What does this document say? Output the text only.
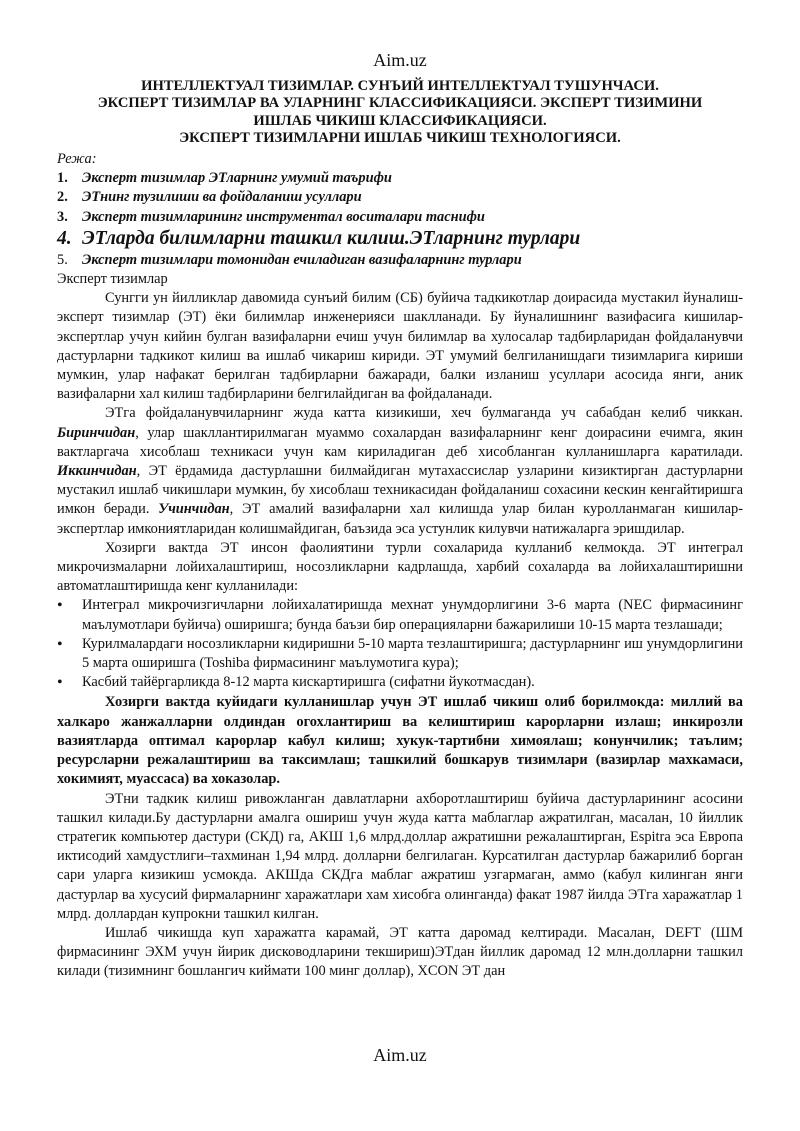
Aim.uz
ИНТЕЛЛЕКТУАЛ ТИЗИМЛАР. СУНЪИЙ ИНТЕЛЛЕКТУАЛ ТУШУНЧАСИ.
ЭКСПЕРТ ТИЗИМЛАР ВА УЛАРНИНГ КЛАССИФИКАЦИЯСИ. ЭКСПЕРТ ТИЗИМИНИ
ИШЛАБ ЧИКИШ КЛАССИФИКАЦИЯСИ.
ЭКСПЕРТ ТИЗИМЛАРНИ ИШЛАБ ЧИКИШ ТЕХНОЛОГИЯСИ.

Режа:

1. Эксперт тизимлар ЭТларнинг умумий таърифи
2. ЭТнинг тузилиши ва фойдаланиш усуллари
3. Эксперт тизимларининг инструментал воситалари таснифи
4. ЭТларда билимларни ташкил килиш.ЭТларнинг турлари
5. Эксперт тизимлари томонидан ечиладиган вазифаларнинг турлари

Эксперт тизимлар

Сунгги ун йилликлар давомида сунъий билим (СБ) буйича тадкикотлар доирасида мустакил йуналиш-эксперт тизимлар (ЭТ) ёки билимлар инженерияси шаклланади. Бу йуналишнинг вазифасига кишилар-экспертлар учун кийин булган вазифаларни ечиш учун билимлар ва хулосалар тадбирларидан фойдаланувчи дастурларни тадкикот килиш ва ишлаб чикариш кириди. ЭТ умумий белгиланишдаги тизимларига кириши мумкин, улар нафакат берилган тадбирларни бажаради, балки изланиш усуллари асосида янги, аник вазифаларни хал килиш тадбирларини белгилайдиган ва фойдаланади.

ЭТга фойдаланувчиларнинг жуда катта кизикиши, хеч булмаганда уч сабабдан келиб чиккан. Биринчидан, улар шакллантирилмаган муаммо сохалардан вазифаларнинг кенг доирасини ечимга, якин вактларгача хисоблаш техникаси учун кам кириладиган деб хисобланган кулланишларга каратилади. Иккинчидан, ЭТ ёрдамида дастурлашни билмайдиган мутахассислар узларини кизиктирган дастурларни мустакил ишлаб чикишлари мумкин, бу хисоблаш техникасидан фойдаланиш сохасини кескин кенгайтиришга имкон беради. Учинчидан, ЭТ амалий вазифаларни хал килишда улар билан куролланмаган кишилар-экспертлар имкониятларидан колишмайдиган, баъзида эса устунлик килувчи натижаларга эришдилар.

Хозирги вактда ЭТ инсон фаолиятини турли сохаларида кулланиб келмокда. ЭТ интеграл микрочизмаларни лойихалаштириш, носозликларни кадрлашда, харбий сохаларда ва лойихалаштиришни автоматлаштиришда кенг кулланилади:

•
Интеграл микрочизгичларни лойихалатиришда мехнат унумдорлигини 3-6 марта (NEC фирмасининг маълумотлари буйича) оширишга; бунда баъзи бир операцияларни бажарилиши 10-15 марта тезлашади;
•
Курилмалардаги носозликларни кидиришни 5-10 марта тезлаштиришга; дастурларнинг иш унумдорлигини 5 марта оширишга (Toshiba фирмасининг маълумотига кура);
•
Касбий тайёргарликда 8-12 марта кискартиришга (сифатни йукотмасдан).

Хозирги вактда куйидаги кулланишлар учун ЭТ ишлаб чикиш олиб борилмокда: миллий ва халкаро жанжалларни олдиндан огохлантириш ва келиштириш карорларни излаш; инкирозли вазиятларда оптимал карорлар кабул килиш; хукук-тартибни химоялаш; конунчилик; таълим; ресурсларни режалаштириш ва таксимлаш; ташкилий бошкарув тизимлари (вазирлар махкамаси, хокимият, муассаса) ва хоказолар.

ЭТни тадкик килиш ривожланган давлатларни ахборотлаштириш буйича дастурларининг асосини ташкил килади.Бу дастурларни амалга ошириш учун жуда катта маблаглар ажратилган, масалан, 10 йиллик стратегик компьютер дастури (СКД) га, АКШ 1,6 млрд.доллар ажратишни режалаштирган, Espitra эса Европа иктисодий хамдустлиги–тахминан 1,94 млрд. долларни белгилаган. Курсатилган дастурлар бажарилиб борган сари уларга кизикиш усмокда. АКШда СКДга маблаг ажратиш узгармаган, аммо (кабул килинган янги дастурлар ва хусусий фирмаларнинг харажатлари хам хисобга олинганда) факат 1987 йилда ЭТга харажатлар 1 млрд. доллардан купрокни ташкил килган.

Ишлаб чикишда куп харажатга карамай, ЭТ катта даромад келтиради. Масалан, DEFT (ШМ фирмасининг ЭХМ учун йирик дисководларини текшириш)ЭТдан йиллик даромад 12 млн.долларни ташкил килади (тизимнинг бошлангич киймати 100 минг доллар), XCON ЭТ дан

Aim.uz
